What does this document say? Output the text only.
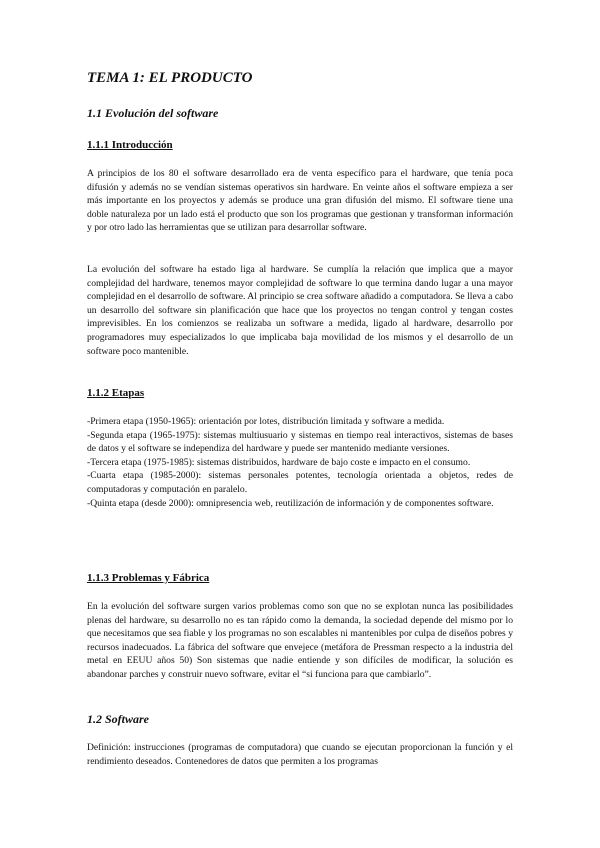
TEMA 1: EL PRODUCTO
1.1 Evolución del software
1.1.1 Introducción

A principios de los 80 el software desarrollado era de venta específico para el hardware, que tenía poca difusión y además no se vendían sistemas operativos sin hardware. En veinte años el software empieza a ser más importante en los proyectos y además se produce una gran difusión del mismo. El software tiene una doble naturaleza por un lado está el producto que son los programas que gestionan y transforman información y por otro lado las herramientas que se utilizan para desarrollar software.

La evolución del software ha estado liga al hardware. Se cumplía la relación que implica que a mayor complejidad del hardware, tenemos mayor complejidad de software lo que termina dando lugar a una mayor complejidad en el desarrollo de software. Al principio se crea software añadido a computadora. Se lleva a cabo un desarrollo del software sin planificación que hace que los proyectos no tengan control y tengan costes imprevisibles. En los comienzos se realizaba un software a medida, ligado al hardware, desarrollo por programadores muy especializados lo que implicaba baja movilidad de los mismos y el desarrollo de un software poco mantenible.

1.1.2 Etapas
-Primera etapa (1950-1965): orientación por lotes, distribución limitada y software a medida.
-Segunda etapa (1965-1975): sistemas multiusuario y sistemas en tiempo real interactivos, sistemas de bases de datos y el software se independiza del hardware y puede ser mantenido mediante versiones.
-Tercera etapa (1975-1985): sistemas distribuidos, hardware de bajo coste e impacto en el consumo.
-Cuarta etapa (1985-2000): sistemas personales potentes, tecnología orientada a objetos, redes de computadoras y computación en paralelo.
-Quinta etapa (desde 2000): omnipresencia web, reutilización de información y de componentes software.
1.1.3 Problemas y Fábrica

En la evolución del software surgen varios problemas como son que no se explotan nunca las posibilidades plenas del hardware, su desarrollo no es tan rápido como la demanda, la sociedad depende del mismo por lo que necesitamos que sea fiable y los programas no son escalables ni mantenibles por culpa de diseños pobres y recursos inadecuados. La fábrica del software que envejece (metáfora de Pressman respecto a la industria del metal en EEUU años 50) Son sistemas que nadie entiende y son difíciles de modificar, la solución es abandonar parches y construir nuevo software, evitar el “si funciona para que cambiarlo”.

1.2 Software

Definición: instrucciones (programas de computadora) que cuando se ejecutan proporcionan la función y el rendimiento deseados. Contenedores de datos que permiten a los programas
